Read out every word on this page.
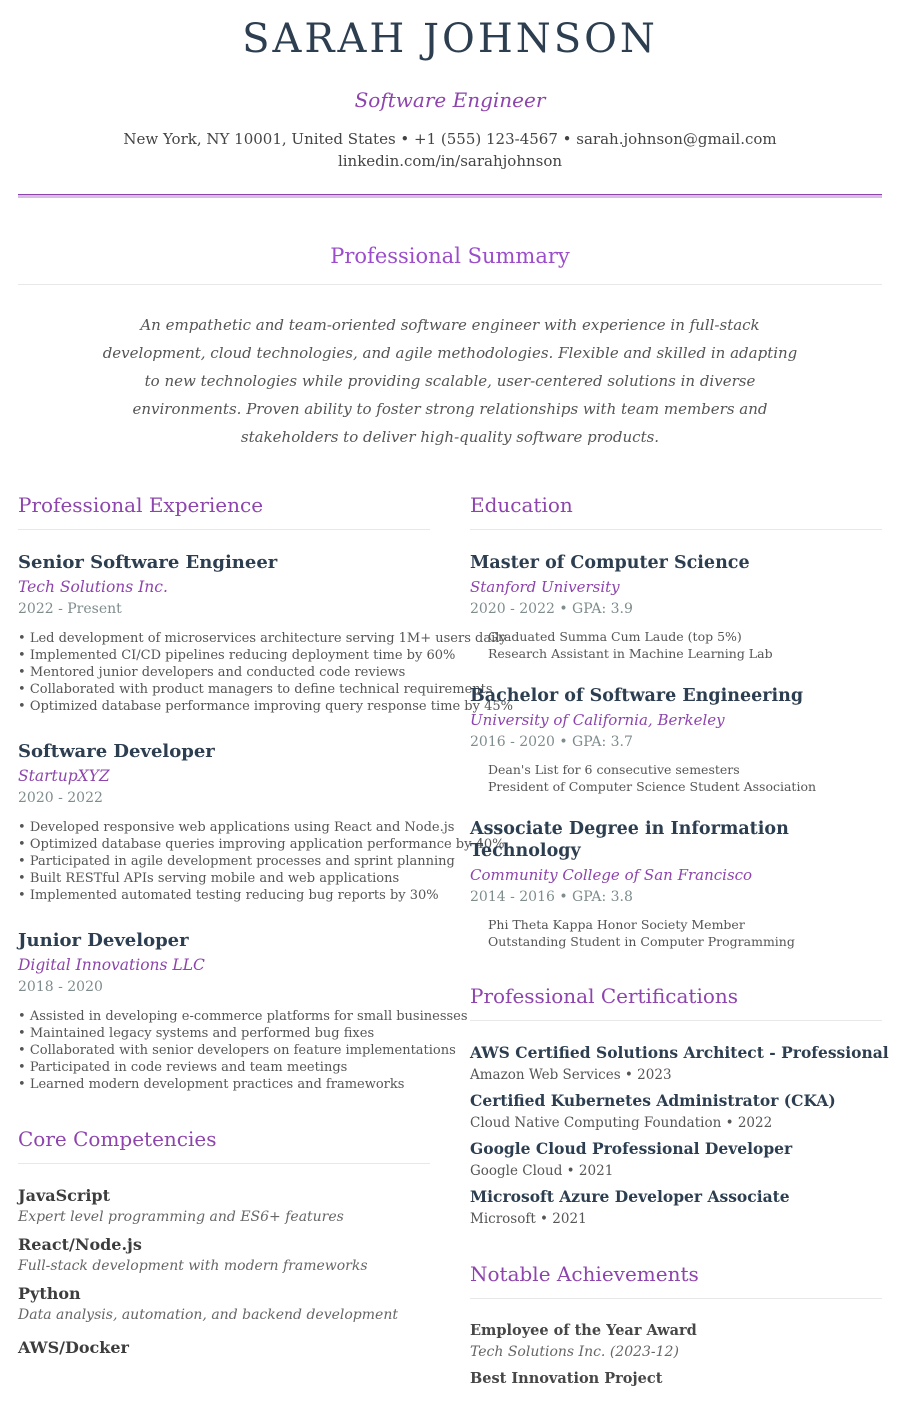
SARAH JOHNSON
Software Engineer
New York, NY 10001, United States • +1 (555) 123-4567 • sarah.johnson@gmail.com
linkedin.com/in/sarahjohnson
Professional Summary
An empathetic and team-oriented software engineer with experience in full-stack development, cloud technologies, and agile methodologies. Flexible and skilled in adapting to new technologies while providing scalable, user-centered solutions in diverse environments. Proven ability to foster strong relationships with team members and stakeholders to deliver high-quality software products.
Professional Experience
Senior Software Engineer
Tech Solutions Inc.
2022 - Present
• Led development of microservices architecture serving 1M+ users daily
• Implemented CI/CD pipelines reducing deployment time by 60%
• Mentored junior developers and conducted code reviews
• Collaborated with product managers to define technical requirements
• Optimized database performance improving query response time by 45%
Software Developer
StartupXYZ
2020 - 2022
• Developed responsive web applications using React and Node.js
• Optimized database queries improving application performance by 40%
• Participated in agile development processes and sprint planning
• Built RESTful APIs serving mobile and web applications
• Implemented automated testing reducing bug reports by 30%
Junior Developer
Digital Innovations LLC
2018 - 2020
• Assisted in developing e-commerce platforms for small businesses
• Maintained legacy systems and performed bug fixes
• Collaborated with senior developers on feature implementations
• Participated in code reviews and team meetings
• Learned modern development practices and frameworks
Core Competencies
JavaScript
Expert level programming and ES6+ features
React/Node.js
Full-stack development with modern frameworks
Python
Data analysis, automation, and backend development
AWS/Docker
Education
Master of Computer Science
Stanford University
2020 - 2022 • GPA: 3.9
Graduated Summa Cum Laude (top 5%)
Research Assistant in Machine Learning Lab
Bachelor of Software Engineering
University of California, Berkeley
2016 - 2020 • GPA: 3.7
Dean's List for 6 consecutive semesters
President of Computer Science Student Association
Associate Degree in Information Technology
Community College of San Francisco
2014 - 2016 • GPA: 3.8
Phi Theta Kappa Honor Society Member
Outstanding Student in Computer Programming
Professional Certifications
AWS Certified Solutions Architect - Professional
Amazon Web Services • 2023
Certified Kubernetes Administrator (CKA)
Cloud Native Computing Foundation • 2022
Google Cloud Professional Developer
Google Cloud • 2021
Microsoft Azure Developer Associate
Microsoft • 2021
Notable Achievements
Employee of the Year Award
Tech Solutions Inc. (2023-12)
Best Innovation Project
